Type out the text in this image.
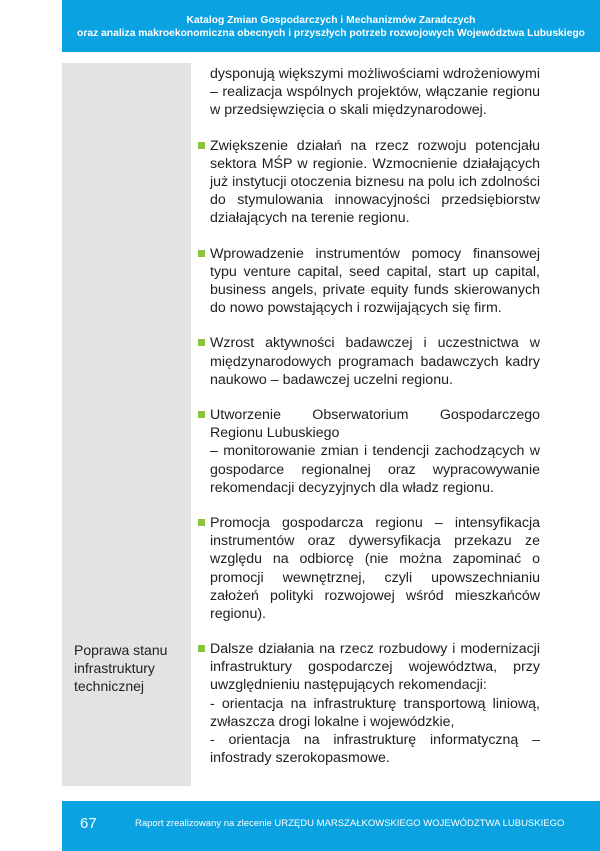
Katalog Zmian Gospodarczych i Mechanizmów Zaradczych
oraz analiza makroekonomiczna obecnych i przyszłych potrzeb rozwojowych Województwa Lubuskiego
Poprawa stanu infrastruktury technicznej

dysponują większymi możliwościami wdrożeniowymi – realizacja wspólnych projektów, włączanie regionu w przedsięwzięcia o skali międzynarodowej.

Zwiększenie działań na rzecz rozwoju potencjału sektora MŚP w regionie. Wzmocnienie działających już instytucji otoczenia biznesu na polu ich zdolności do stymulowania innowacyjności przedsiębiorstw działających na terenie regionu.

Wprowadzenie instrumentów pomocy finansowej typu venture capital, seed capital, start up capital, business angels, private equity funds skierowanych do nowo powstających i rozwijających się firm.

Wzrost aktywności badawczej i uczestnictwa w międzynarodowych programach badawczych kadry naukowo – badawczej uczelni regionu.

Utworzenie Obserwatorium Gospodarczego Regionu Lubuskiego
– monitorowanie zmian i tendencji zachodzących w gospodarce regionalnej oraz wypracowywanie rekomendacji decyzyjnych dla władz regionu.

Promocja gospodarcza regionu – intensyfikacja instrumentów oraz dywersyfikacja przekazu ze względu na odbiorcę (nie można zapominać o promocji wewnętrznej, czyli upowszechnianiu założeń polityki rozwojowej wśród mieszkańców regionu).

Dalsze działania na rzecz rozbudowy i modernizacji infrastruktury gospodarczej województwa, przy uwzględnieniu następujących rekomendacji:
- orientacja na infrastrukturę transportową liniową, zwłaszcza drogi lokalne i wojewódzkie,
- orientacja na infrastrukturę informatyczną – infostrady szerokopasmowe.

67	Raport zrealizowany na zlecenie URZĘDU MARSZAŁKOWSKIEGO WOJEWÓDZTWA LUBUSKIEGO
